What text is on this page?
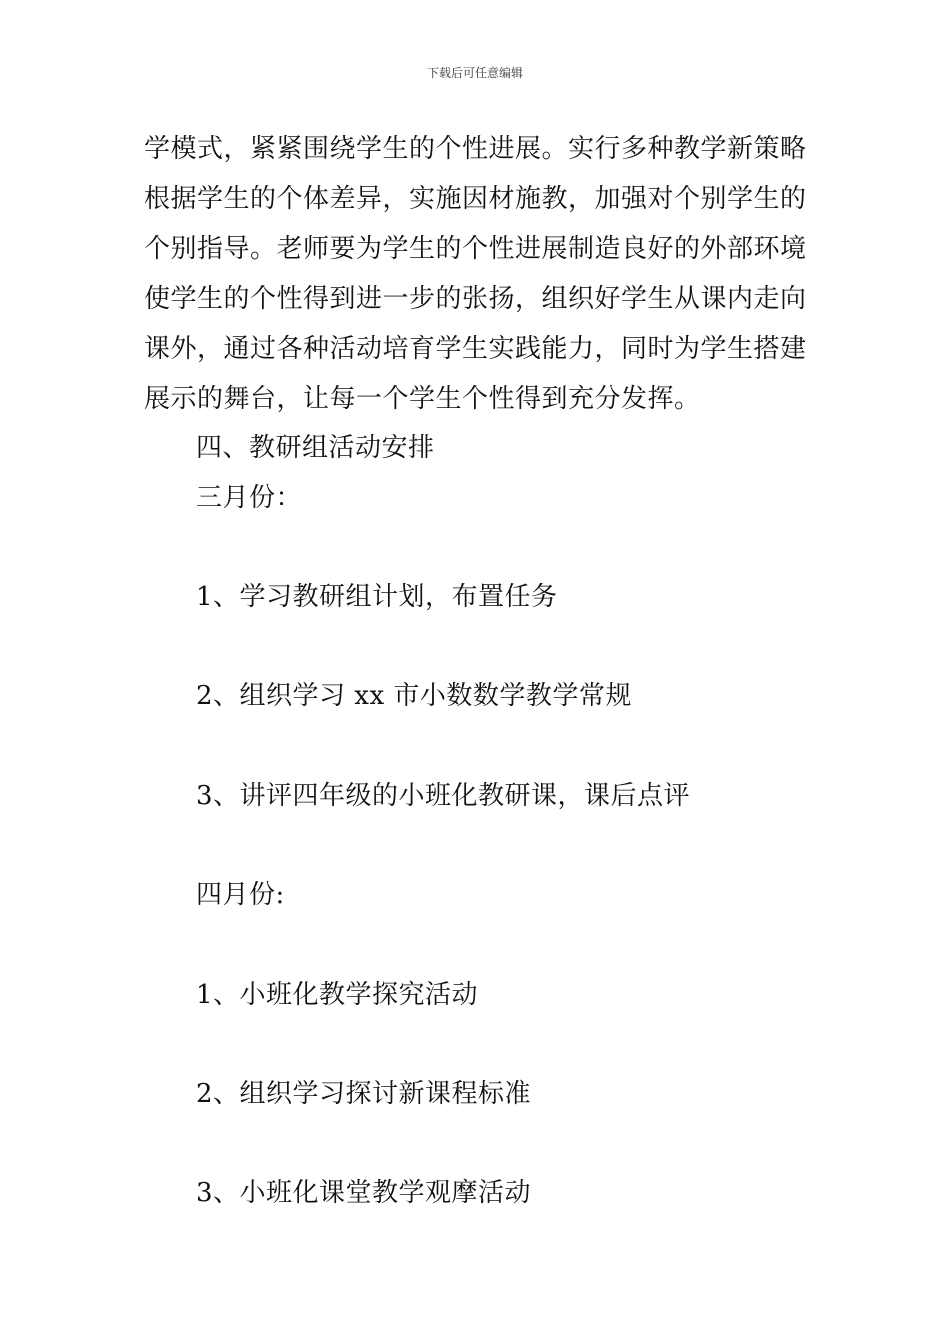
下载后可任意编辑
学模式，紧紧围绕学生的个性进展。实行多种教学新策略
根据学生的个体差异，实施因材施教，加强对个别学生的
个别指导。老师要为学生的个性进展制造良好的外部环境
使学生的个性得到进一步的张扬，组织好学生从课内走向
课外，通过各种活动培育学生实践能力，同时为学生搭建
展示的舞台，让每一个学生个性得到充分发挥。
四、教研组活动安排
三月份：
1、学习教研组计划，布置任务
2、组织学习 xx 市小数数学教学常规
3、讲评四年级的小班化教研课，课后点评
四月份:
1、小班化教学探究活动
2、组织学习探讨新课程标准
3、小班化课堂教学观摩活动
